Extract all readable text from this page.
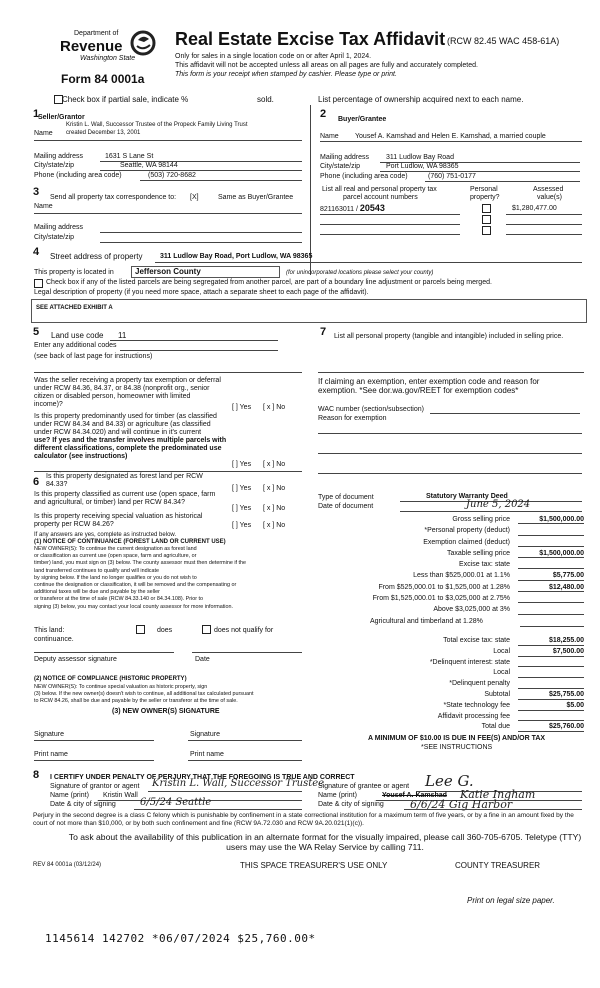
Department of
Revenue
Washington State
Form 84 0001a
Real Estate Excise Tax Affidavit (RCW 82.45 WAC 458-61A)
Only for sales in a single location code on or after April 1, 2024.
This affidavit will not be accepted unless all areas on all pages are fully and accurately completed.
This form is your receipt when stamped by cashier. Please type or print.
Check box if partial sale, indicate %	sold.	List percentage of ownership acquired next to each name.
1
Seller/Grantor
Kristin L. Wall, Successor Trustee of the Propeck Family Living Trust
Name created December 13, 2001
Mailing address	1631 S Lane St
City/state/zip	Seattle, WA 98144
Phone (including area code)	(503) 720-8682
2 Buyer/Grantee
Name Yousef A. Kamshad and Helen E. Kamshad, a married couple
Mailing address 311 Ludlow Bay Road
City/state/zip	Port Ludlow, WA 98365
Phone (including area code)	(760) 751-0177
3 Send all property tax correspondence to: [X]	Same as Buyer/Grantee
Name
Mailing address
City/state/zip
List all real and personal property tax
parcel account numbers
Personal
property?
Assessed
value(s)
821163011 / 20543	$1,280,477.00
4 Street address of property	311 Ludlow Bay Road, Port Ludlow, WA 98365
This property is located in	Jefferson County	(for unincorporated locations please select your county)
Check box if any of the listed parcels are being segregated from another parcel, are part of a boundary line adjustment or parcels being merged.
Legal description of property (if you need more space, attach a separate sheet to each page of the affidavit).
SEE ATTACHED EXHIBIT A
5 Land use code 11
Enter any additional codes
(see back of last page for instructions)
7 List all personal property (tangible and intangible) included in selling price.
Was the seller receiving a property tax exemption or deferral
under RCW 84.36, 84.37, or 84.38 (nonprofit org., senior
citizen or disabled person, homeowner with limited
income)?	[ ] Yes [ x ] No
Is this property predominantly used for timber (as classified
under RCW 84.34 and 84.33) or agriculture (as classified
under RCW 84.34.020) and will continue in it's current
use? If yes and the transfer involves multiple parcels with
different classifications, complete the predominated use
calculator (see instructions)
[ ] Yes [ x ] No
6 Is this property designated as forest land per RCW
84.33?
[ ] Yes [ x ] No
Is this property classified as current use (open space, farm
and agricultural, or timber) land per RCW 84.34?
[ ] Yes [ x ] No
Is this property receiving special valuation as historical
property per RCW 84.26?	[ ] Yes [ x ] No
If any answers are yes, complete as instructed below.
(1) NOTICE OF CONTINUANCE (FOREST LAND OR CURRENT USE)
NEW OWNER(S): To continue the current designation as forest land
or classification as current use (open space, farm and agriculture, or
timber) land, you must sign on (3) below. The county assessor must then determine if the
land transferred continues to qualify and will indicate
by signing below. If the land no longer qualifies or you do not wish to
continue the designation or classification, it will be removed and the compensating or
additional taxes will be due and payable by the seller
or transferor at the time of sale (RCW 84.33.140 or 84.34.108). Prior to
signing (3) below, you may contact your local county assessor for more information.
This land:	does	does not qualify for
continuance.
Deputy assessor signature	Date
(2) NOTICE OF COMPLIANCE (HISTORIC PROPERTY)
NEW OWNER(S): To continue special valuation as historic property, sign
(3) below. If the new owner(s) doesn't wish to continue, all additional tax calculated pursuant
to RCW 84.26, shall be due and payable by the seller or transferor at the time of sale.
(3) NEW OWNER(S) SIGNATURE
Signature	Signature
Print name	Print name
If claiming an exemption, enter exemption code and reason for
exemption. *See dor.wa.gov/REET for exemption codes*
WAC number (section/subsection)
Reason for exemption
Type of document	Statutory Warranty Deed
Date of document	June 5, 2024
Gross selling price	$1,500,000.00
*Personal property (deduct)
Exemption claimed (deduct)
Taxable selling price	$1,500,000.00
Excise tax: state
Less than $525,000.01 at 1.1%	$5,775.00
From $525,000.01 to $1,525,000 at 1.28%	$12,480.00
From $1,525,000.01 to $3,025,000 at 2.75%
Above $3,025,000 at 3%
Agricultural and timberland at 1.28%
Total excise tax: state	$18,255.00
Local	$7,500.00
*Delinquent interest: state
Local
*Delinquent penalty
Subtotal	$25,755.00
*State technology fee	$5.00
Affidavit processing fee
Total due	$25,760.00
A MINIMUM OF $10.00 IS DUE IN FEE(S) AND/OR TAX
*SEE INSTRUCTIONS
8 I CERTIFY UNDER PENALTY OF PERJURY THAT THE FOREGOING IS TRUE AND CORRECT
Signature of grantor or agent Kristin L. Wall, Successor Trustee
Name (print) Kristin Wall
Date & city of signing 6/5/24 Seattle
Signature of grantee or agent Lee G.
Name (print)	Yousef A. Kamshad Katie Ingham
Date & city of signing 6/6/24 Gig Harbor
Perjury in the second degree is a class C felony which is punishable by confinement in a state correctional institution for a maximum term of five years, or by a fine in an amount fixed by the court of not more than $10,000, or by both such confinement and fine (RCW 9A.72.030 and RCW 9A.20.021(1)(c)).
To ask about the availability of this publication in an alternate format for the visually impaired, please call 360-705-6705. Teletype (TTY) users may use the WA Relay Service by calling 711.
REV 84 0001a (03/12/24)	THIS SPACE TREASURER'S USE ONLY	COUNTY TREASURER
Print on legal size paper.
1145614 142702 *06/07/2024 $25,760.00*
